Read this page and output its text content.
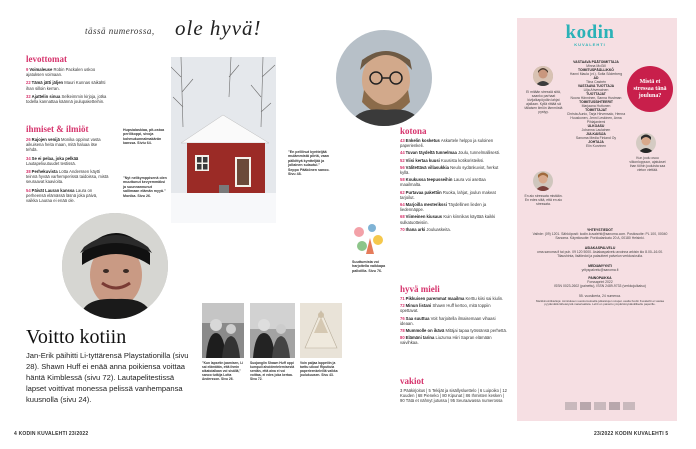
tässä numerossa, ole hyvä!
levottomat
9Voimaleuse Robin Packalen uskoo ajatuksen voimaan.
22Tämä jätti jäljen Mauri Kunnas säikähti ihan silloin kerran.
32Ajattelin sinua Selkeimmin kirjoja, jotka todella kannattaa käännä joulupaketteihin.
ihmiset & ilmiöt
26Rajojen venijä Monika oppinut vasta aikuisena heita maan, mitä haluaa itse tehdä.
34Se ei pelaa, joka pelkää Lautapeliuutuudet testissä.
38Perhekuvista Lotta Anderssen käytti teinnä hyvää varhemperissä taidoissa, mistä seuraavat kaavioita.
54Päivät Lauran kanssa Laura on perheensä elämässä läsnä joka päivä, vaikka Lauraa ei enää ole.
Hupsialaskiaa, pit-ostoa perilikoppi, sivoja kohmukunnalmakärän kanssa. Siviu 64.
"Nyt nelikymppisenä olen muuttunut kevyemmäksi ja suunnannunut sallimaan elämän myyä." Monika. Sivu 26.
"En pellilnut kyntteljää muiämmistä piirtä, vaan pälkittyä kyntteljää ja jollainen sulautui." Seppo Pääkönen sanoo. Sivu 48.
Voitto kotiin
Jan-Erik päihitti Li-tyttärensä Playstationilla (sivu 28). Shawn Huff ei enää anna poikiensa voittaa häntä Kimblessä (sivu 72). Lautapelitestissä lapset voittivat monessa pelissä vanhempansa kuusnolla (sivu 24).
"Kun lapsetin jaamisen, Li sai elämätän, että ihmin aikatoiallaan voi sisällä," sanoo tutkija Lotta Andersson. Sivu 26.
Suojangiin Shawn Huff oppi kumpuli ahoidentelemisestä sentän, että aina ei voi voittaa, ei edes joka kertaa. Sivu 72.
Voin paljaa lappetiin ja tarttu uikoa! Riputiuta paperieenkeleillä vaikka joulukuusen. Sivu 43.
4 KODIN KUVALEHTI 23/2022
Suuttumista voi harjoitella vaikkapa palloillla. Sivu 76.
kotona
43Enkelin kosketus Askartele helppo ja suloinen paperienkeli.
44Tuvan täydeltä tunnelmaa Joulu, tunnelmallisesti.
52Viisi kertaa kuusi Kuusista kotikoristeiksi.
56Välitettävä villasukkia Neulo sydänkuviot, herkut kyllä.
58Koukussa teepusseihin Laura voi asettaa maailmalta.
62Purtavaa pakettiin Ruoka, lahjat, joulun makeat tarjoilut.
64Marjoilla mesterikssi Täydellinen lieden ja liedennäppe.
68Viimeinen kiusaus Kuin kiinnikas käyttää kaikki sulkatuotteisiin.
70Ihana arki Jouluaskeita.
hyvä mieli
71Pikkuisen paremmat maailma Kerttu kiisi sai kiulin.
72Minun listani Shawn Huff kertoo, mitä toppiin opettavat.
76Saa suuttua Voit harjoitella ilmaisemaan vihaasi ideaan.
78Mummolle on ikävä Mitäjai tapaa työssänsä perhettä.
80Elämäni tarina Liuzuma Hiiri Sapran elämään vaivihkaa.
vakiot
3 Pääkirjoitus | 5 Tekijät ja sisällysluettelo | 6 Luipoiko | 12 Kuuden | 68 Pieneko | 80 Kipunat | 86 Ihmisten kesken | 90 Tätä et nähnyt jutussa | 95 Seuraavassa numerossa
kodin
KUVALEHTI
Mistä et stressaa tänä jouluna?
Ei mitään stressiä siitä, saanko parhaat kivijalkapöydän lahjat ajallaan. Kyllä riittää sä tällaisen ilmiön lämmöstä pystyy.
En aio stressata mistään. En edes siitä, että en aio stressata.
Kun joulu osuu viikonloppuun, ajatukset ihan töihin jouluista saa vieton viettää.
VASTAAVA PÄÄTOIMITTAJA
Minna McGill
TOIMITUSPÄÄLLIKKÖ
Hanni Maula (vt.), Sofia Söderberg
AD
Tiina Castrén
VASTAAVA TUOTTAJA
Lilja Ahvenainen
TUOTTAJAT
Noora Hänninen, Sanna Hustman
TOIMITUSSIHTEERIT
Marjaana Huttunen
TOIMITTAJAT
Christa Aunio, Tarja Hirvensalo, Henna Huuskonen, Jenni Leskinen, Anna Pihlajaniemi
ULKOASU
Johanna Laulainen
JULKAISIJA
Sanoma Media Finland Oy
JOHTAJA
Elin Kurvinen
YHTEYSTIEDOT
Vaihde: (09) 1201. Sähköposti: kodin.kuvalehti@sanoma.com. Postiosoite: PL 100, 00040 Sanoma. Käyntiosoite: Porkkalankatu 20 A, 00180 Helsinki.
ASIAKASPALVELU
oma.sanoma.fi tai puh. 09 120 5000. Asiakaspalvelu avoinna arkisin klo 8.00–16.00. Tilaushinta, lisätiedot ja palautteet palvelun verkkosivulla.
MEDIAMYYNTI
yrityspalvelu@sanoma.fi
PAINOPAIKKA
Forssaprint 2022
ISSN 0023-2602 (painettu), ISSN 2489-9733 (verkkojulkaisu)
55. vuosikerta, 24 numeroa.
Markkinointikieltoja: toimituksen suostumuksella julkaistujen sivujen osalta Kodin Kuvalehti ei vastaa pyytämättä lähetetystä materiaalista. Lehti on painettu ympäristöystävälliselle paperille.
23/2022 KODIN KUVALEHTI 5
